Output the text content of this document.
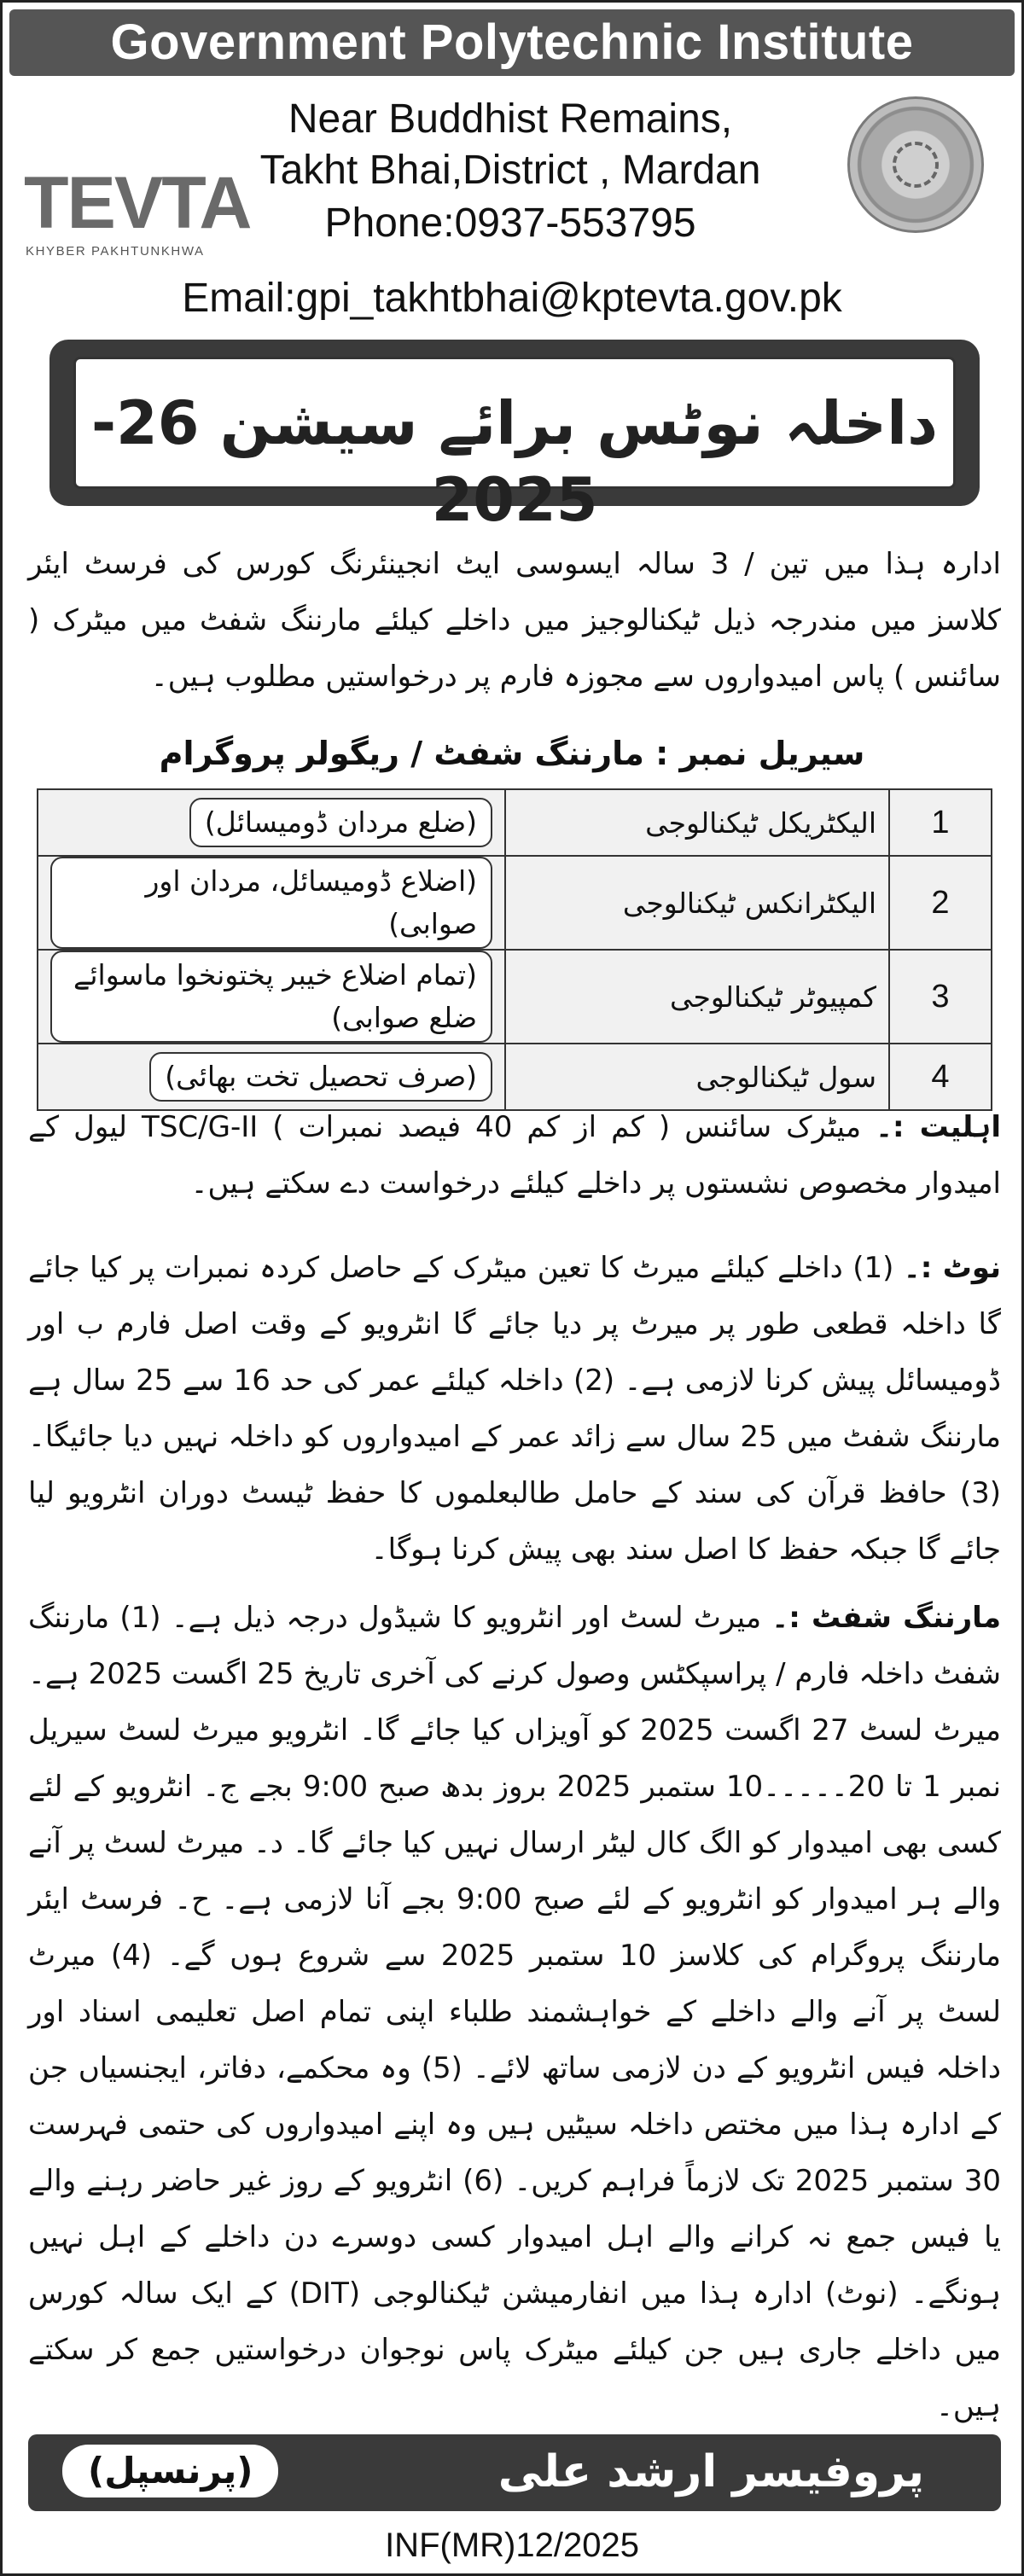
Government Polytechnic Institute
TEVTA
KHYBER PAKHTUNKHWA
Near Buddhist Remains,
Takht Bhai,District , Mardan
Phone:0937-553795
Email:gpi_takhtbhai@kptevta.gov.pk
داخلہ نوٹس برائے سیشن 26-2025
ادارہ ہذا میں تین / 3 سالہ ایسوسی ایٹ انجینئرنگ کورس کی فرسٹ ایئر کلاسز میں مندرجہ ذیل ٹیکنالوجیز میں داخلے کیلئے مارننگ شفٹ میں میٹرک ( سائنس ) پاس امیدواروں سے مجوزہ فارم پر درخواستیں مطلوب ہیں۔
سیریل نمبر : مارننگ شفٹ / ریگولر پروگرام
1	الیکٹریکل ٹیکنالوجی	(ضلع مردان ڈومیسائل)
2	الیکٹرانکس ٹیکنالوجی	(اضلاع ڈومیسائل، مردان اور صوابی)
3	کمپیوٹر ٹیکنالوجی	(تمام اضلاع خیبر پختونخوا ماسوائے ضلع صوابی)
4	سول ٹیکنالوجی	(صرف تحصیل تخت بھائی)
اہلیت :۔ میٹرک سائنس ( کم از کم 40 فیصد نمبرات ) TSC/G-II لیول کے امیدوار مخصوص نشستوں پر داخلے کیلئے درخواست دے سکتے ہیں۔
نوٹ :۔ (1) داخلے کیلئے میرٹ کا تعین میٹرک کے حاصل کردہ نمبرات پر کیا جائے گا داخلہ قطعی طور پر میرٹ پر دیا جائے گا انٹرویو کے وقت اصل فارم ب اور ڈومیسائل پیش کرنا لازمی ہے۔ (2) داخلہ کیلئے عمر کی حد 16 سے 25 سال ہے مارننگ شفٹ میں 25 سال سے زائد عمر کے امیدواروں کو داخلہ نہیں دیا جائیگا۔ (3) حافظ قرآن کی سند کے حامل طالبعلموں کا حفظ ٹیسٹ دوران انٹرویو لیا جائے گا جبکہ حفظ کا اصل سند بھی پیش کرنا ہوگا۔
مارننگ شفٹ :۔ میرٹ لسٹ اور انٹرویو کا شیڈول درجہ ذیل ہے۔ (1) مارننگ شفٹ داخلہ فارم / پراسپکٹس وصول کرنے کی آخری تاریخ 25 اگست 2025 ہے۔ میرٹ لسٹ 27 اگست 2025 کو آویزاں کیا جائے گا۔ انٹرویو میرٹ لسٹ سیریل نمبر 1 تا 20۔۔۔۔۔10 ستمبر 2025 بروز بدھ صبح 9:00 بجے ج۔ انٹرویو کے لئے کسی بھی امیدوار کو الگ کال لیٹر ارسال نہیں کیا جائے گا۔ د۔ میرٹ لسٹ پر آنے والے ہر امیدوار کو انٹرویو کے لئے صبح 9:00 بجے آنا لازمی ہے۔ ح۔ فرسٹ ایئر مارننگ پروگرام کی کلاسز 10 ستمبر 2025 سے شروع ہوں گے۔ (4) میرٹ لسٹ پر آنے والے داخلے کے خواہشمند طلباء اپنی تمام اصل تعلیمی اسناد اور داخلہ فیس انٹرویو کے دن لازمی ساتھ لائے۔ (5) وہ محکمے، دفاتر، ایجنسیاں جن کے ادارہ ہذا میں مختص داخلہ سیٹیں ہیں وہ اپنے امیدواروں کی حتمی فہرست 30 ستمبر 2025 تک لازماً فراہم کریں۔ (6) انٹرویو کے روز غیر حاضر رہنے والے یا فیس جمع نہ کرانے والے اہل امیدوار کسی دوسرے دن داخلے کے اہل نہیں ہونگے۔ (نوٹ) ادارہ ہذا میں انفارمیشن ٹیکنالوجی (DIT) کے ایک سالہ کورس میں داخلے جاری ہیں جن کیلئے میٹرک پاس نوجوان درخواستیں جمع کر سکتے ہیں۔
پروفیسر ارشد علی
(پرنسپل)
INF(MR)12/2025
